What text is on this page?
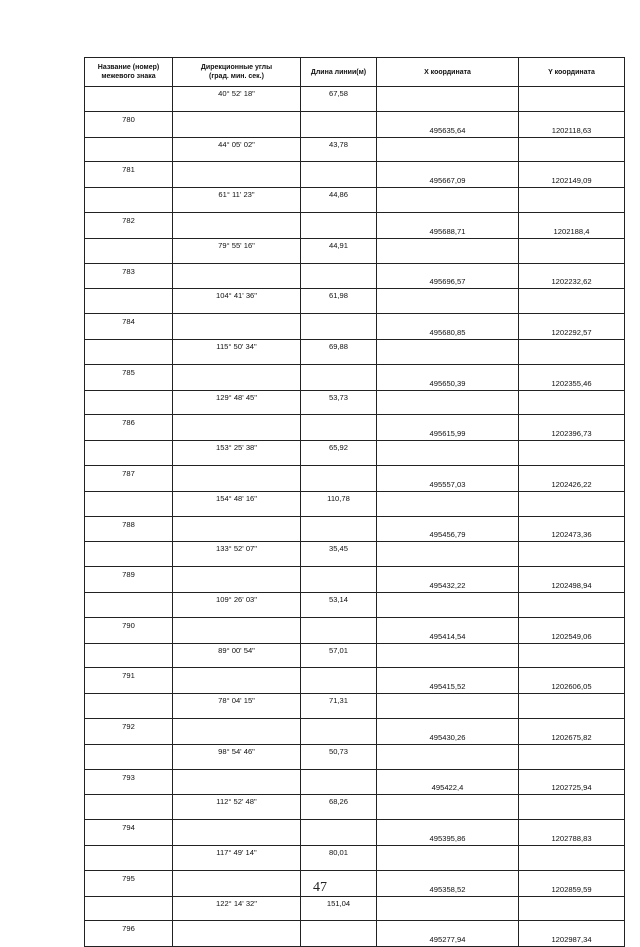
Название (номер)
межевого знака	Дирекционные углы
(град. мин. сек.)	Длина линии(м)	X координата	Y координата
	40° 52' 18"	67,58		
780			495635,64	1202118,63
	44° 05' 02"	43,78		
781			495667,09	1202149,09
	61° 11' 23"	44,86		
782			495688,71	1202188,4
	79° 55' 16"	44,91		
783			495696,57	1202232,62
	104° 41' 36"	61,98		
784			495680,85	1202292,57
	115° 50' 34"	69,88		
785			495650,39	1202355,46
	129° 48' 45"	53,73		
786			495615,99	1202396,73
	153° 25' 38"	65,92		
787			495557,03	1202426,22
	154° 48' 16"	110,78		
788			495456,79	1202473,36
	133° 52' 07"	35,45		
789			495432,22	1202498,94
	109° 26' 03"	53,14		
790			495414,54	1202549,06
	89° 00' 54"	57,01		
791			495415,52	1202606,05
	78° 04' 15"	71,31		
792			495430,26	1202675,82
	98° 54' 46"	50,73		
793			495422,4	1202725,94
	112° 52' 48"	68,26		
794			495395,86	1202788,83
	117° 49' 14"	80,01		
795			495358,52	1202859,59
	122° 14' 32"	151,04		
796			495277,94	1202987,34
47
